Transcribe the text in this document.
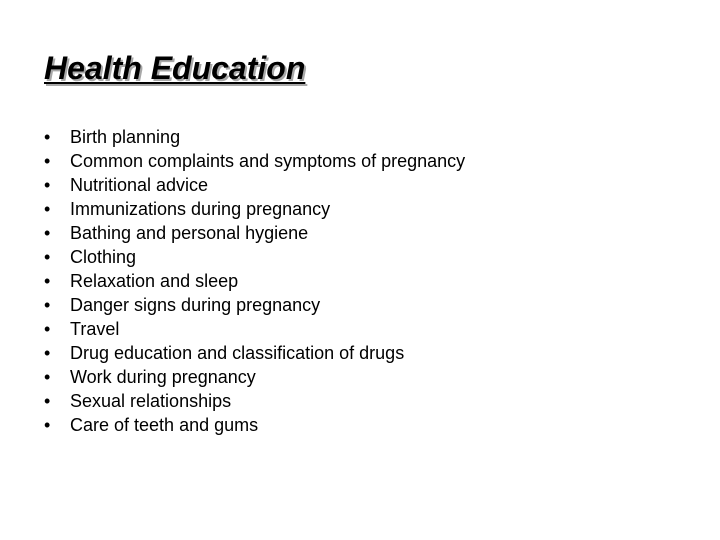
Health Education
•	Birth planning
•	Common complaints and symptoms of pregnancy
•	Nutritional advice
•	Immunizations during pregnancy
•	Bathing and personal hygiene
•	Clothing
•	Relaxation and sleep
•	Danger signs during pregnancy
•	Travel
•	Drug education and classification of drugs
•	Work during pregnancy
•	Sexual relationships
•	Care of teeth and gums
